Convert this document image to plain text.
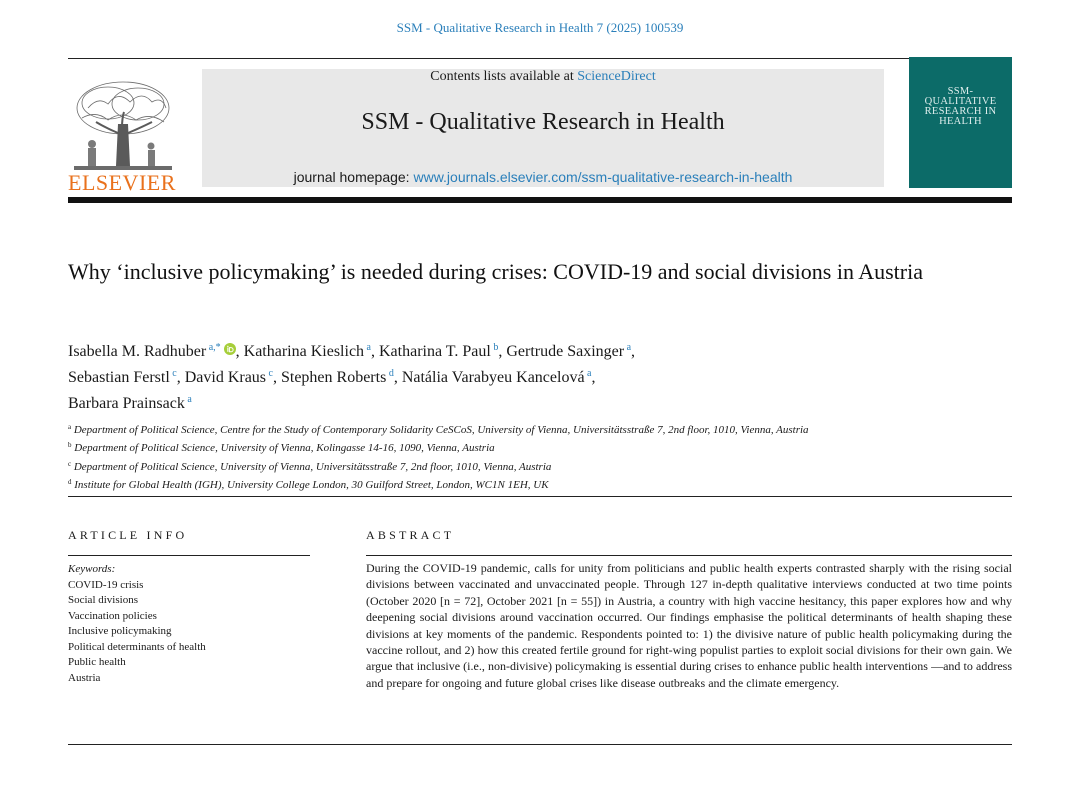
SSM - Qualitative Research in Health 7 (2025) 100539
ELSEVIER
Contents lists available at ScienceDirect
SSM - Qualitative Research in Health
journal homepage: www.journals.elsevier.com/ssm-qualitative-research-in-health
SSM-
QUALITATIVE
RESEARCH IN
HEALTH
Why ‘inclusive policymaking’ is needed during crises: COVID-19 and social divisions in Austria
Isabella M. Radhuber $^{a,*}$ , Katharina Kieslich $^a$, Katharina T. Paul $^b$, Gertrude Saxinger $^a$,
Sebastian Ferstl $^c$, David Kraus $^c$, Stephen Roberts $^d$, Natália Varabyeu Kancelová $^a$,
Barbara Prainsack $^a$
$^a$ Department of Political Science, Centre for the Study of Contemporary Solidarity CeSCoS, University of Vienna, Universitätsstraße 7, 2nd floor, 1010, Vienna, Austria
$^b$ Department of Political Science, University of Vienna, Kolingasse 14-16, 1090, Vienna, Austria
$^c$ Department of Political Science, University of Vienna, Universitätsstraße 7, 2nd floor, 1010, Vienna, Austria
$^d$ Institute for Global Health (IGH), University College London, 30 Guilford Street, London, WC1N 1EH, UK
ARTICLE INFO
Keywords:
COVID-19 crisis
Social divisions
Vaccination policies
Inclusive policymaking
Political determinants of health
Public health
Austria
ABSTRACT
During the COVID-19 pandemic, calls for unity from politicians and public health experts contrasted sharply with the rising social divisions between vaccinated and unvaccinated people. Through 127 in-depth qualitative interviews conducted at two time points (October 2020 [n = 72], October 2021 [n = 55]) in Austria, a country with high vaccine hesitancy, this paper explores how and why deepening social divisions around vaccination occurred. Our findings emphasise the political determinants of health shaping these divisions at key moments of the pandemic. Respondents pointed to: 1) the divisive nature of public health policymaking during the vaccine rollout, and 2) how this created fertile ground for right-wing populist parties to exploit social divisions for their own gain. We argue that inclusive (i.e., non-divisive) policymaking is essential during crises to enhance public health interventions —and to address and prepare for ongoing and future global crises like disease outbreaks and the climate emergency.
